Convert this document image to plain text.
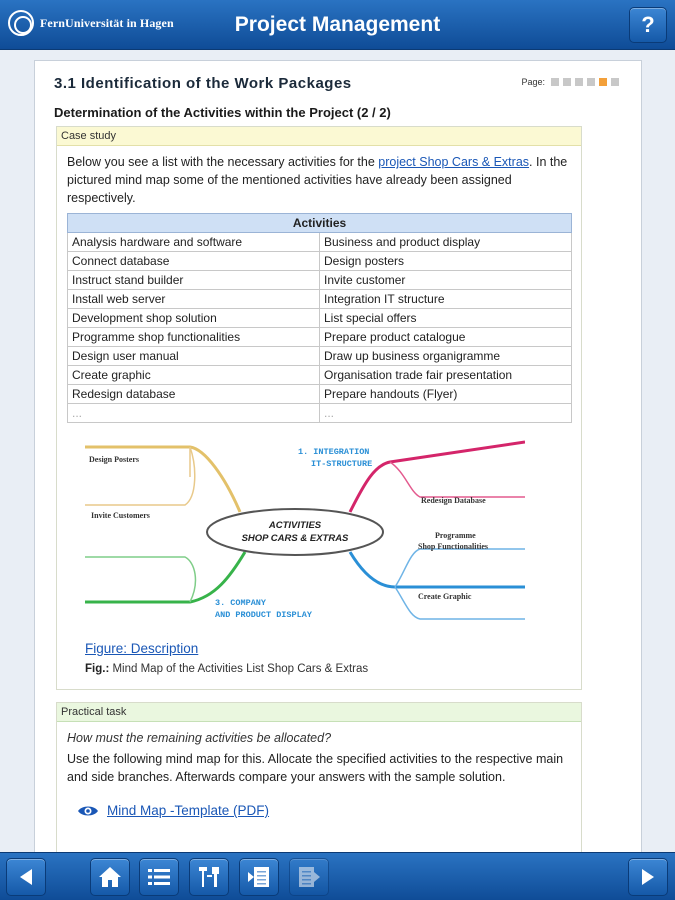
FernUniversität in Hagen	Project Management	?
3.1 Identification of the Work Packages	Page:
Determination of the Activities within the Project (2 / 2)
Case study
Below you see a list with the necessary activities for the project Shop Cars & Extras. In the pictured mind map some of the mentioned activities have already been assigned respectively.
Activities	
Analysis hardware and software	Business and product display
Connect database	Design posters
Instruct stand builder	Invite customer
Install web server	Integration IT structure
Development shop solution	List special offers
Programme shop functionalities	Prepare product catalogue
Design user manual	Draw up business organigramme
Create graphic	Organisation trade fair presentation
Redesign database	Prepare handouts (Flyer)
...	...
ACTIVITIES
SHOP CARS & EXTRAS
Design Posters
Invite Customers
1. INTEGRATION
IT-STRUCTURE
Redesign Database
Programme
Shop Functionalities
Create Graphic
3. COMPANY
AND PRODUCT DISPLAY
Figure: Description
Fig.: Mind Map of the Activities List Shop Cars & Extras
Practical task
How must the remaining activities be allocated?
Use the following mind map for this. Allocate the specified activities to the respective main and side branches. Afterwards compare your answers with the sample solution.
Mind Map -Template (PDF)
